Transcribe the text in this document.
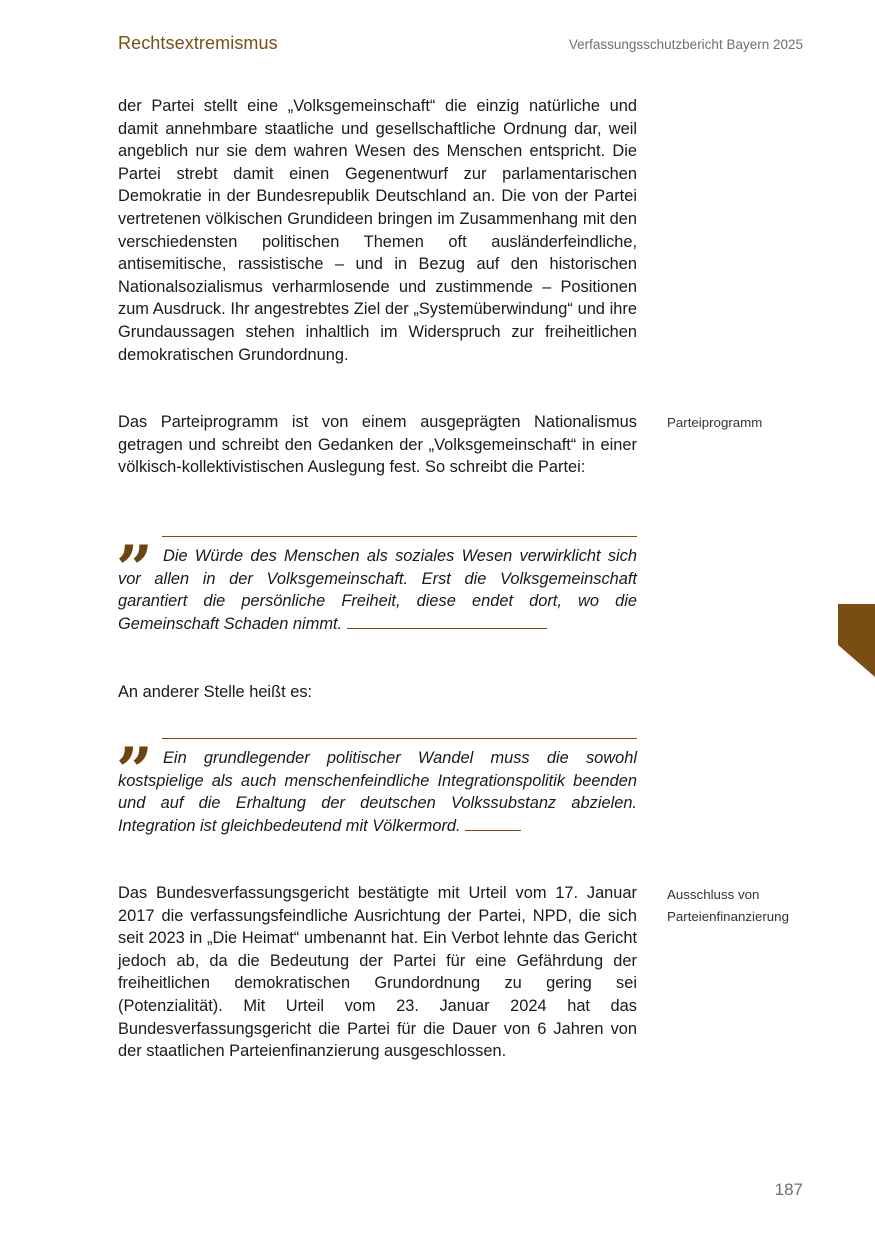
Rechtsextremismus	Verfassungsschutzbericht Bayern 2025

der Partei stellt eine „Volksgemeinschaft“ die einzig natürliche und damit annehmbare staatliche und gesellschaftliche Ordnung dar, weil angeblich nur sie dem wahren Wesen des Menschen entspricht. Die Partei strebt damit einen Gegenentwurf zur parlamentarischen Demokratie in der Bundesrepublik Deutschland an. Die von der Partei vertretenen völkischen Grundideen bringen im Zusammenhang mit den verschiedensten politischen Themen oft ausländerfeindliche, antisemitische, rassistische – und in Bezug auf den historischen Nationalsozialismus verharmlosende und zustimmende – Positionen zum Ausdruck. Ihr angestrebtes Ziel der „Systemüberwindung“ und ihre Grundaussagen stehen inhaltlich im Widerspruch zur freiheitlichen demokratischen Grundordnung.

Das Parteiprogramm ist von einem ausgeprägten Nationalismus getragen und schreibt den Gedanken der „Volksgemeinschaft“ in einer völkisch-kollektivistischen Auslegung fest. So schreibt die Partei:

Parteiprogramm
” Die Würde des Menschen als soziales Wesen verwirklicht sich vor allen in der Volksgemeinschaft. Erst die Volksgemeinschaft garantiert die persönliche Freiheit, diese endet dort, wo die Gemeinschaft Schaden nimmt.

An anderer Stelle heißt es:

” Ein grundlegender politischer Wandel muss die sowohl kostspielige als auch menschenfeindliche Integrationspolitik beenden und auf die Erhaltung der deutschen Volkssubstanz abzielen. Integration ist gleichbedeutend mit Völkermord.

Das Bundesverfassungsgericht bestätigte mit Urteil vom 17. Januar 2017 die verfassungsfeindliche Ausrichtung der Partei, NPD, die sich seit 2023 in „Die Heimat“ umbenannt hat. Ein Verbot lehnte das Gericht jedoch ab, da die Bedeutung der Partei für eine Gefährdung der freiheitlichen demokratischen Grundordnung zu gering sei (Potenzialität). Mit Urteil vom 23. Januar 2024 hat das Bundesverfassungsgericht die Partei für die Dauer von 6 Jahren von der staatlichen Parteienfinanzierung ausgeschlossen.

Ausschluss von Parteienfinanzierung
187
